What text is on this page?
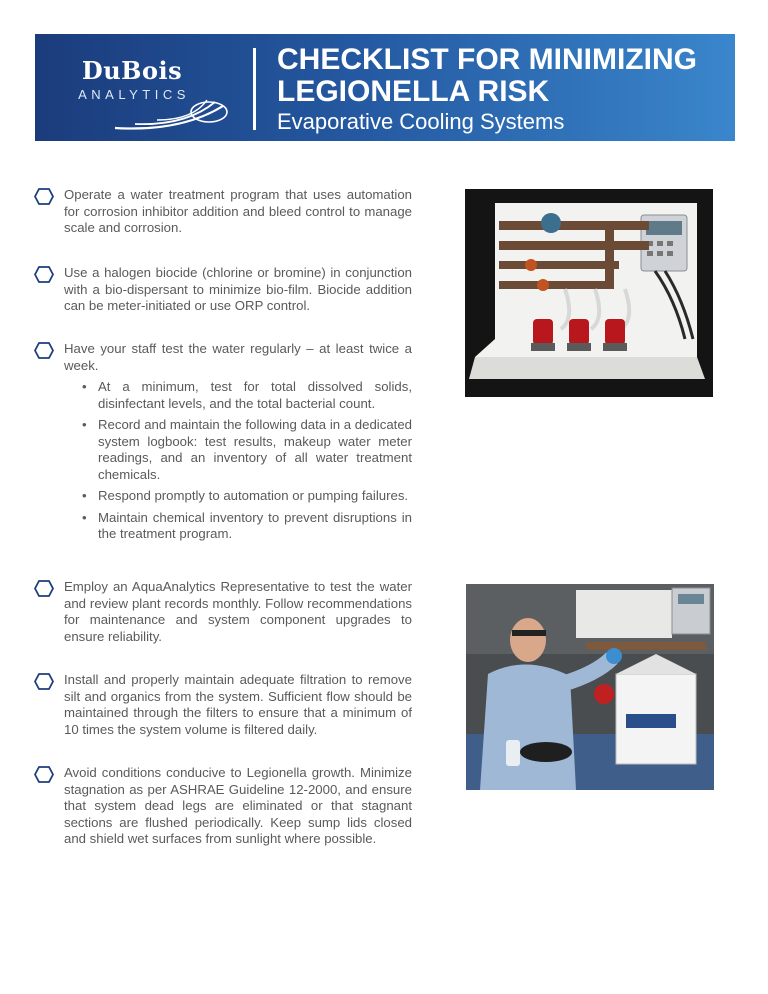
DuBois
ANALYTICS
CHECKLIST FOR MINIMIZING
LEGIONELLA RISK
Evaporative Cooling Systems
Operate a water treatment program that uses automation for corrosion inhibitor addition and bleed control to manage scale and corrosion.
Use a halogen biocide (chlorine or bromine) in conjunction with a bio-dispersant to minimize bio-film. Biocide addition can be meter-initiated or use ORP control.
Have your staff test the water regularly – at least twice a week.
• At a minimum, test for total dissolved solids, disinfectant levels, and the total bacterial count.
• Record and maintain the following data in a dedicated system logbook: test results, makeup water meter readings, and an inventory of all water treatment chemicals.
• Respond promptly to automation or pumping failures.
• Maintain chemical inventory to prevent disruptions in the treatment program.
Employ an AquaAnalytics Representative to test the water and review plant records monthly. Follow recommendations for maintenance and system component upgrades to ensure reliability.
Install and properly maintain adequate filtration to remove silt and organics from the system. Sufficient flow should be maintained through the filters to ensure that a minimum of 10 times the system volume is filtered daily.
Avoid conditions conducive to Legionella growth. Minimize stagnation as per ASHRAE Guideline 12-2000, and ensure that system dead legs are eliminated or that stagnant sections are flushed periodically. Keep sump lids closed and shield wet surfaces from sunlight where possible.
